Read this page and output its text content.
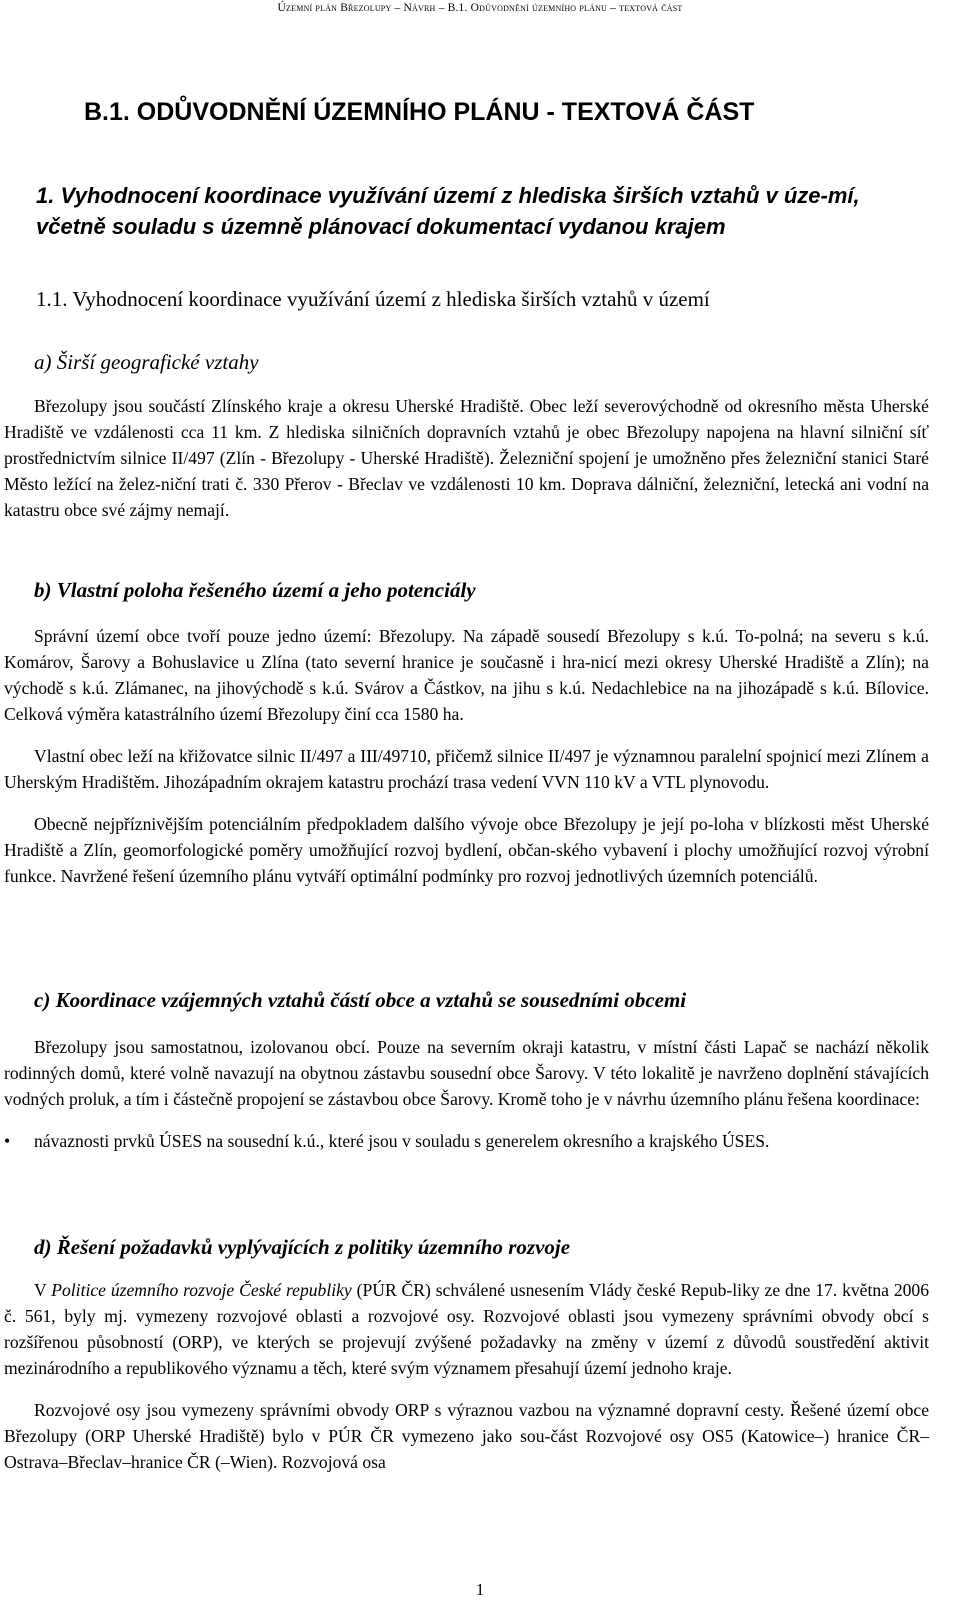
Územní plán Březolupy – Návrh – B.1. Odůvodnění územního plánu – textová část
B.1. ODŮVODNĚNÍ ÚZEMNÍHO PLÁNU - TEXTOVÁ ČÁST
1. Vyhodnocení koordinace využívání území z hlediska širších vztahů v úze-mí, včetně souladu s územně plánovací dokumentací vydanou krajem
1.1. Vyhodnocení koordinace využívání území z hlediska širších vztahů v území
a) Širší geografické vztahy

Březolupy jsou součástí Zlínského kraje a okresu Uherské Hradiště. Obec leží severovýchodně od okresního města Uherské Hradiště ve vzdálenosti cca 11 km. Z hlediska silničních dopravních vztahů je obec Březolupy napojena na hlavní silniční síť prostřednictvím silnice II/497 (Zlín - Březolupy - Uherské Hradiště). Železniční spojení je umožněno přes železniční stanici Staré Město ležící na želez-niční trati č. 330 Přerov - Břeclav ve vzdálenosti 10 km. Doprava dálniční, železniční, letecká ani vodní na katastru obce své zájmy nemají.

b) Vlastní poloha řešeného území a jeho potenciály

Správní území obce tvoří pouze jedno území: Březolupy. Na západě sousedí Březolupy s k.ú. To-polná; na severu s k.ú. Komárov, Šarovy a Bohuslavice u Zlína (tato severní hranice je současně i hra-nicí mezi okresy Uherské Hradiště a Zlín); na východě s k.ú. Zlámanec, na jihovýchodě s k.ú. Svárov a Částkov, na jihu s k.ú. Nedachlebice na na jihozápadě s k.ú. Bílovice. Celková výměra katastrálního území Březolupy činí cca 1580 ha.

Vlastní obec leží na křižovatce silnic II/497 a III/49710, přičemž silnice II/497 je významnou paralelní spojnicí mezi Zlínem a Uherským Hradištěm. Jihozápadním okrajem katastru prochází trasa vedení VVN 110 kV a VTL plynovodu.

Obecně nejpříznivějším potenciálním předpokladem dalšího vývoje obce Březolupy je její po-loha v blízkosti měst Uherské Hradiště a Zlín, geomorfologické poměry umožňující rozvoj bydlení, občan-ského vybavení i plochy umožňující rozvoj výrobní funkce. Navržené řešení územního plánu vytváří optimální podmínky pro rozvoj jednotlivých územních potenciálů.

c) Koordinace vzájemných vztahů částí obce a vztahů se sousedními obcemi

Březolupy jsou samostatnou, izolovanou obcí. Pouze na severním okraji katastru, v místní části Lapač se nachází několik rodinných domů, které volně navazují na obytnou zástavbu sousední obce Šarovy. V této lokalitě je navrženo doplnění stávajících vodných proluk, a tím i částečně propojení se zástavbou obce Šarovy. Kromě toho je v návrhu územního plánu řešena koordinace:

• návaznosti prvků ÚSES na sousední k.ú., které jsou v souladu s generelem okresního a krajského ÚSES.

d) Řešení požadavků vyplývajících z politiky územního rozvoje

V Politice územního rozvoje České republiky (PÚR ČR) schválené usnesením Vlády české Repub-liky ze dne 17. května 2006 č. 561, byly mj. vymezeny rozvojové oblasti a rozvojové osy. Rozvojové oblasti jsou vymezeny správními obvody obcí s rozšířenou působností (ORP), ve kterých se projevují zvýšené požadavky na změny v území z důvodů soustředění aktivit mezinárodního a republikového významu a těch, které svým významem přesahují území jednoho kraje.

Rozvojové osy jsou vymezeny správními obvody ORP s výraznou vazbou na významné dopravní cesty. Řešené území obce Březolupy (ORP Uherské Hradiště) bylo v PÚR ČR vymezeno jako sou-část Rozvojové osy OS5 (Katowice–) hranice ČR–Ostrava–Břeclav–hranice ČR (–Wien). Rozvojová osa

1
